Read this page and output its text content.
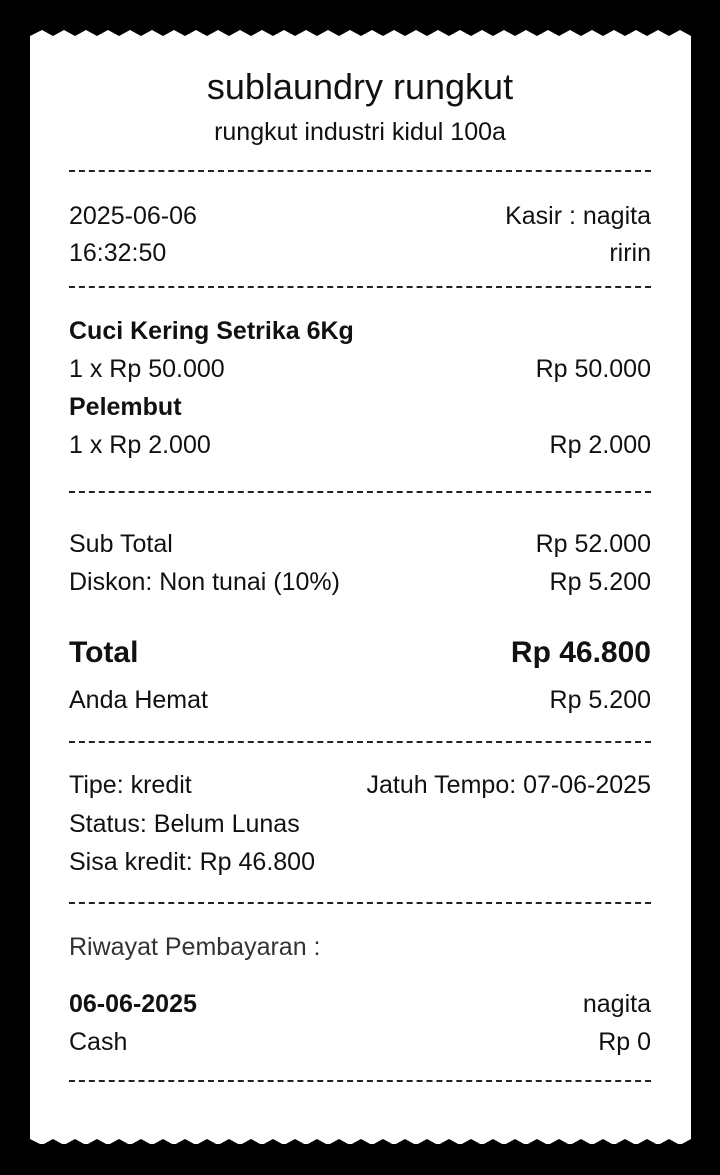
sublaundry rungkut
rungkut industri kidul 100a
2025-06-06	Kasir : nagita
16:32:50	ririn
Cuci Kering Setrika 6Kg
1 x Rp 50.000	Rp 50.000
Pelembut
1 x Rp 2.000	Rp 2.000
Sub Total	Rp 52.000
Diskon: Non tunai (10%)	Rp 5.200
Total	Rp 46.800
Anda Hemat	Rp 5.200
Tipe: kredit	Jatuh Tempo: 07-06-2025
Status: Belum Lunas
Sisa kredit: Rp 46.800
Riwayat Pembayaran :
06-06-2025	nagita
Cash	Rp 0
